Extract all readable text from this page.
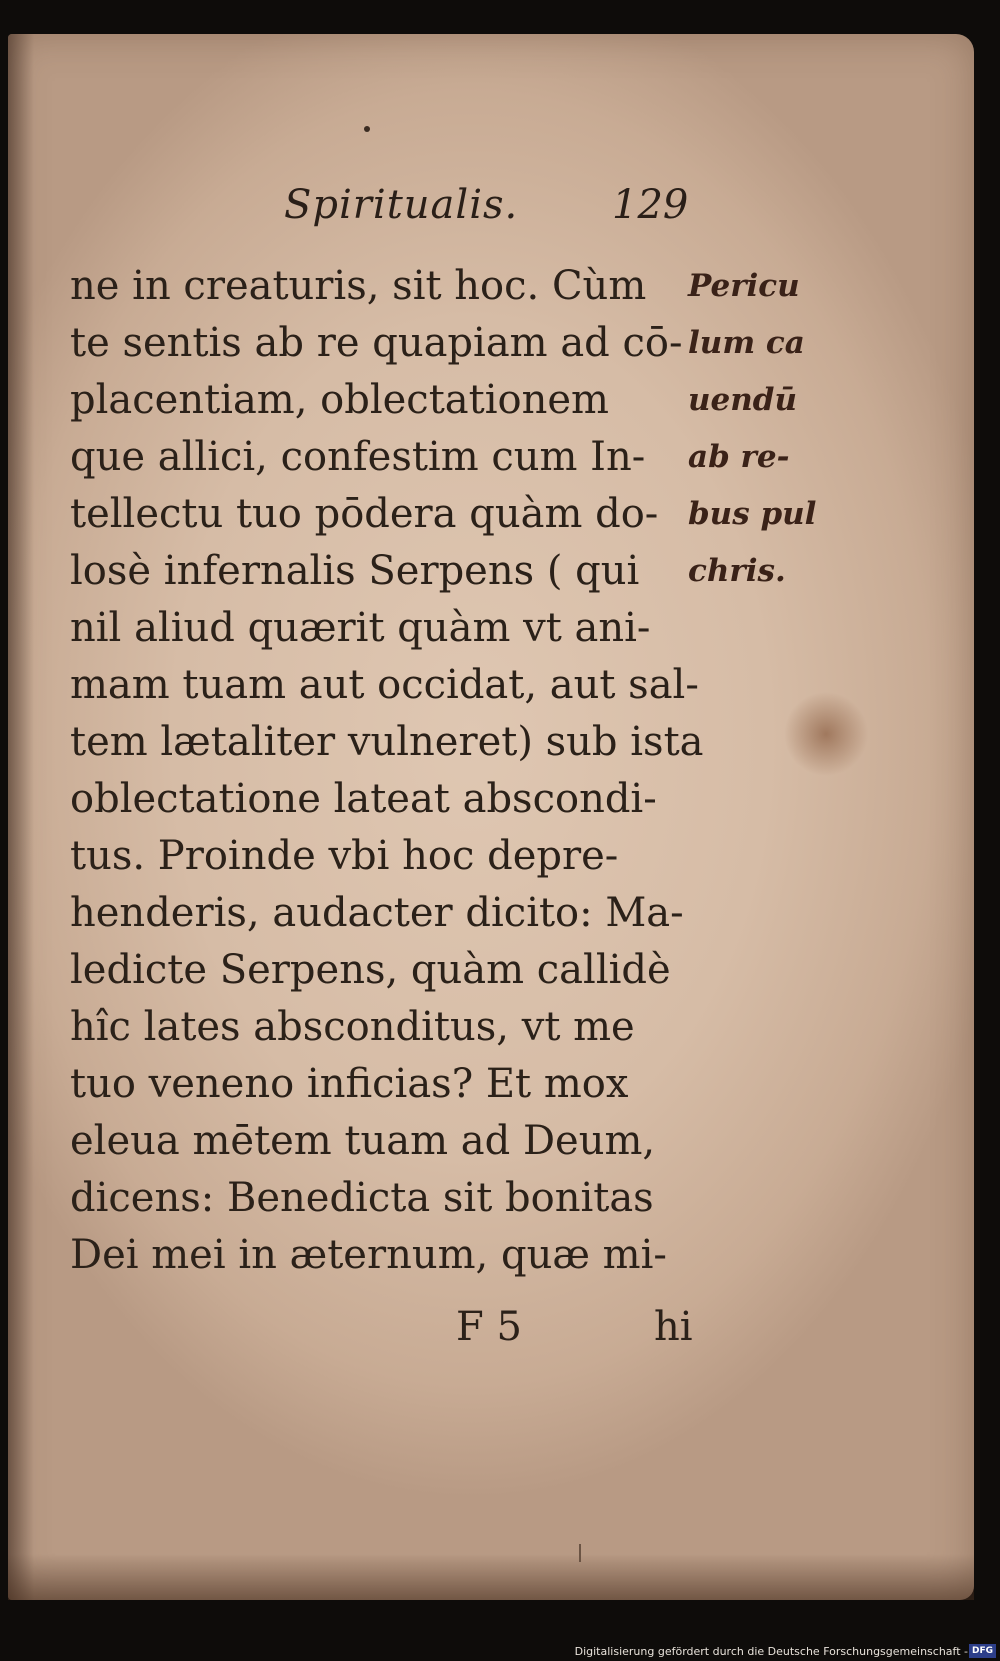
Spiritualis. 129
ne in creaturis, sit hoc. Cùm
te sentis ab re quapiam ad cō-
placentiam, oblectationem
que allici, confestim cum In-
tellectu tuo pōdera quàm do-
losè infernalis Serpens ( qui
nil aliud quærit quàm vt ani-
mam tuam aut occidat, aut sal-
tem lætaliter vulneret) sub ista
oblectatione lateat abscondi-
tus. Proinde vbi hoc depre-
henderis, audacter dicito: Ma-
ledicte Serpens, quàm callidè
hîc lates absconditus, vt me
tuo veneno inficias? Et mox
eleua mētem tuam ad Deum,
dicens: Benedicta sit bonitas
Dei mei in æternum, quæ mi-
Pericu
lum ca
uendū
ab re-
bus pul
chris.
F 5	hi
Digitalisierung gefördert durch die Deutsche Forschungsgemeinschaft - DFG
